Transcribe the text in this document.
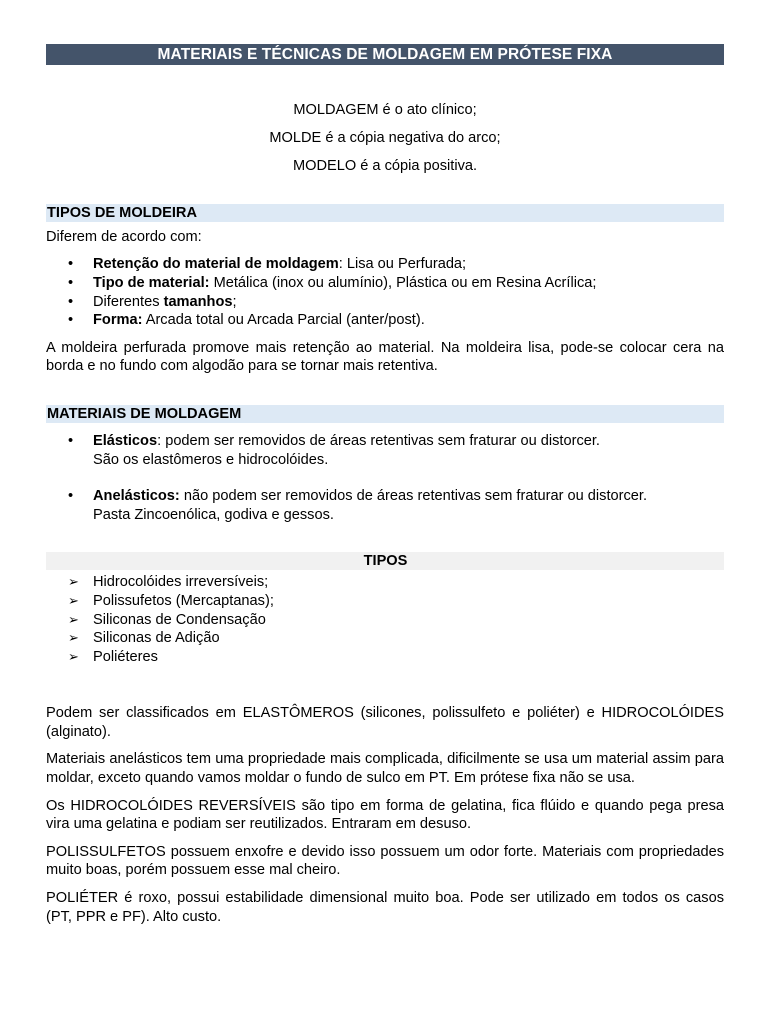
MATERIAIS E TÉCNICAS DE MOLDAGEM EM PRÓTESE FIXA

MOLDAGEM é o ato clínico;

MOLDE é a cópia negativa do arco;

MODELO é a cópia positiva.

TIPOS DE MOLDEIRA

Diferem de acordo com:

• Retenção do material de moldagem: Lisa ou Perfurada;
• Tipo de material: Metálica (inox ou alumínio), Plástica ou em Resina Acrílica;
• Diferentes tamanhos;
• Forma: Arcada total ou Arcada Parcial (anter/post).

A moldeira perfurada promove mais retenção ao material. Na moldeira lisa, pode-se colocar cera na borda e no fundo com algodão para se tornar mais retentiva.

MATERIAIS DE MOLDAGEM
• Elásticos: podem ser removidos de áreas retentivas sem fraturar ou distorcer.
São os elastômeros e hidrocolóides.
• Anelásticos: não podem ser removidos de áreas retentivas sem fraturar ou distorcer.
Pasta Zincoenólica, godiva e gessos.
TIPOS
➢ Hidrocolóides irreversíveis;
➢ Polissufetos (Mercaptanas);
➢ Siliconas de Condensação
➢ Siliconas de Adição
➢ Poliéteres

Podem ser classificados em ELASTÔMEROS (silicones, polissulfeto e poliéter) e HIDROCOLÓIDES (alginato).

Materiais anelásticos tem uma propriedade mais complicada, dificilmente se usa um material assim para moldar, exceto quando vamos moldar o fundo de sulco em PT. Em prótese fixa não se usa.

Os HIDROCOLÓIDES REVERSÍVEIS são tipo em forma de gelatina, fica flúido e quando pega presa vira uma gelatina e podiam ser reutilizados. Entraram em desuso.

POLISSULFETOS possuem enxofre e devido isso possuem um odor forte. Materiais com propriedades muito boas, porém possuem esse mal cheiro.

POLIÉTER é roxo, possui estabilidade dimensional muito boa. Pode ser utilizado em todos os casos (PT, PPR e PF). Alto custo.
